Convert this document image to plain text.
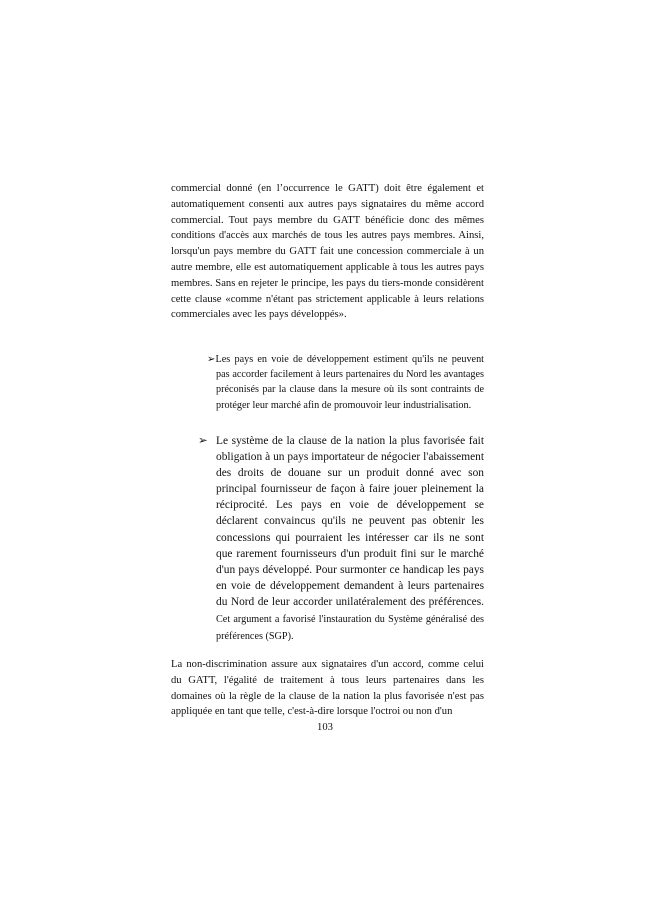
commercial donné (en l’occurrence le GATT) doit être également et automatiquement consenti aux autres pays signataires du même accord commercial. Tout pays membre du GATT bénéficie donc des mêmes conditions d'accès aux marchés de tous les autres pays membres. Ainsi, lorsqu'un pays membre du GATT fait une concession commerciale à un autre membre, elle est automatiquement applicable à tous les autres pays membres. Sans en rejeter le principe, les pays du tiers-monde considèrent cette clause «comme n'étant pas strictement applicable à leurs relations commerciales avec les pays développés».

➢Les pays en voie de développement estiment qu'ils ne peuvent pas accorder facilement à leurs partenaires du Nord les avantages préconisés par la clause dans la mesure où ils sont contraints de protéger leur marché afin de promouvoir leur industrialisation.

➢ Le système de la clause de la nation la plus favorisée fait obligation à un pays importateur de négocier l'abaissement des droits de douane sur un produit donné avec son principal fournisseur de façon à faire jouer pleinement la réciprocité. Les pays en voie de développement se déclarent convaincus qu'ils ne peuvent pas obtenir les concessions qui pourraient les intéresser car ils ne sont que rarement fournisseurs d'un produit fini sur le marché d'un pays développé. Pour surmonter ce handicap les pays en voie de développement demandent à leurs partenaires du Nord de leur accorder unilatéralement des préférences. Cet argument a favorisé l'instauration du Système généralisé des préférences (SGP).

La non-discrimination assure aux signataires d'un accord, comme celui du GATT, l'égalité de traitement à tous leurs partenaires dans les domaines où la règle de la clause de la nation la plus favorisée n'est pas appliquée en tant que telle, c'est-à-dire lorsque l'octroi ou non d'un

103
